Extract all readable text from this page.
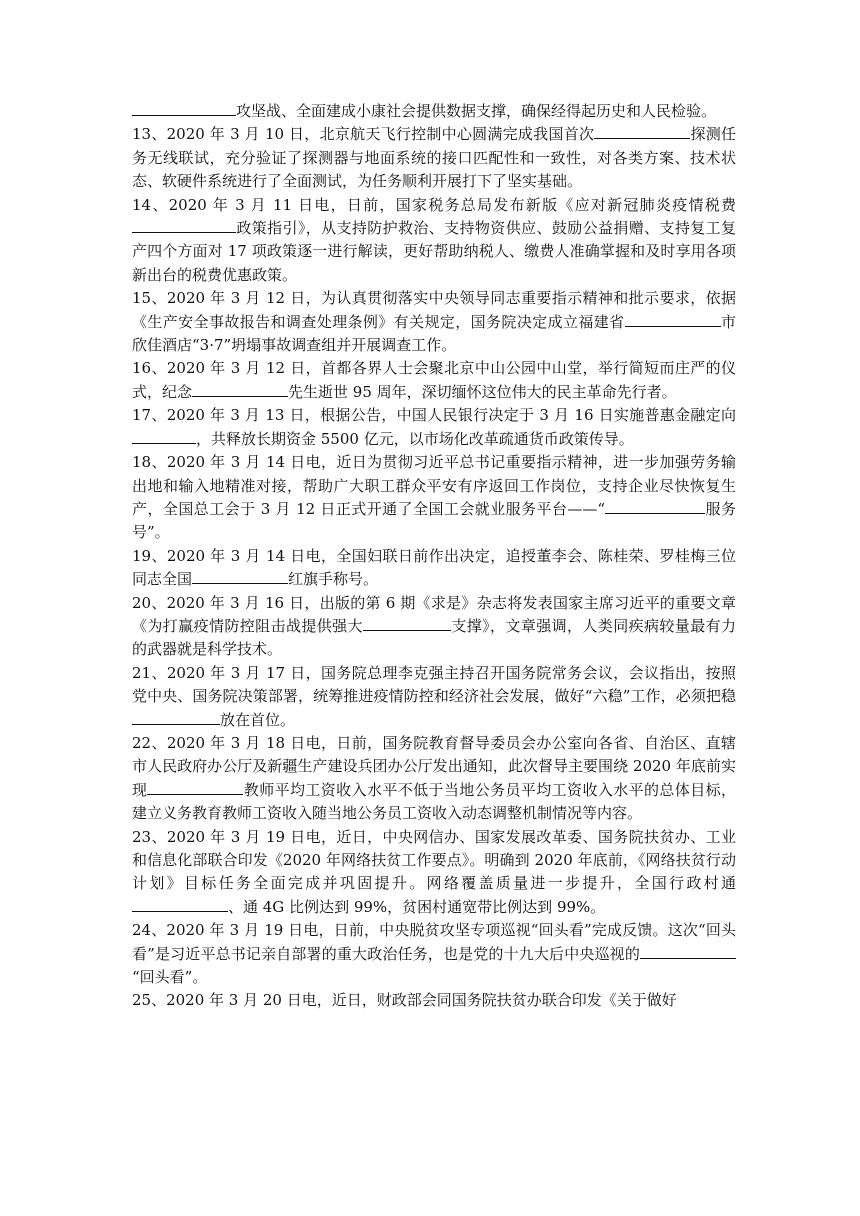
攻坚战、全面建成小康社会提供数据支撑，确保经得起历史和人民检验。

13、2020 年 3 月 10 日，北京航天飞行控制中心圆满完成我国首次	探测任务无线联试，充分验证了探测器与地面系统的接口匹配性和一致性，对各类方案、技术状态、软硬件系统进行了全面测试，为任务顺利开展打下了坚实基础。

14、2020 年 3 月 11 日电，日前，国家税务总局发布新版《应对新冠肺炎疫情税费政策指引》，从支持防护救治、支持物资供应、鼓励公益捐赠、支持复工复产四个方面对 17 项政策逐一进行解读，更好帮助纳税人、缴费人准确掌握和及时享用各项新出台的税费优惠政策。

15、2020 年 3 月 12 日，为认真贯彻落实中央领导同志重要指示精神和批示要求，依据《生产安全事故报告和调查处理条例》有关规定，国务院决定成立福建省	市欣佳酒店“3·7”坍塌事故调查组并开展调查工作。

16、2020 年 3 月 12 日，首都各界人士会聚北京中山公园中山堂，举行简短而庄严的仪式，纪念	先生逝世 95 周年，深切缅怀这位伟大的民主革命先行者。

17、2020 年 3 月 13 日，根据公告，中国人民银行决定于 3 月 16 日实施普惠金融定向，共释放长期资金 5500 亿元，以市场化改革疏通货币政策传导。

18、2020 年 3 月 14 日电，近日为贯彻习近平总书记重要指示精神，进一步加强劳务输出地和输入地精准对接，帮助广大职工群众平安有序返回工作岗位，支持企业尽快恢复生产，全国总工会于 3 月 12 日正式开通了全国工会就业服务平台——“	服务号”。

19、2020 年 3 月 14 日电，全国妇联日前作出决定，追授董李会、陈桂荣、罗桂梅三位同志全国	红旗手称号。

20、2020 年 3 月 16 日，出版的第 6 期《求是》杂志将发表国家主席习近平的重要文章《为打赢疫情防控阻击战提供强大	支撑》，文章强调，人类同疾病较量最有力的武器就是科学技术。

21、2020 年 3 月 17 日，国务院总理李克强主持召开国务院常务会议，会议指出，按照党中央、国务院决策部署，统筹推进疫情防控和经济社会发展，做好“六稳”工作，必须把稳放在首位。

22、2020 年 3 月 18 日电，日前，国务院教育督导委员会办公室向各省、自治区、直辖市人民政府办公厅及新疆生产建设兵团办公厅发出通知，此次督导主要围绕 2020 年底前实现	教师平均工资收入水平不低于当地公务员平均工资收入水平的总体目标，建立义务教育教师工资收入随当地公务员工资收入动态调整机制情况等内容。

23、2020 年 3 月 19 日电，近日，中央网信办、国家发展改革委、国务院扶贫办、工业和信息化部联合印发《2020 年网络扶贫工作要点》。明确到 2020 年底前，《网络扶贫行动计划》目标任务全面完成并巩固提升。网络覆盖质量进一步提升，全国行政村通、通 4G 比例达到 99%，贫困村通宽带比例达到 99%。

24、2020 年 3 月 19 日电，日前，中央脱贫攻坚专项巡视“回头看”完成反馈。这次“回头看”是习近平总书记亲自部署的重大政治任务，也是党的十九大后中央巡视的“回头看”。

25、2020 年 3 月 20 日电，近日，财政部会同国务院扶贫办联合印发《关于做好
